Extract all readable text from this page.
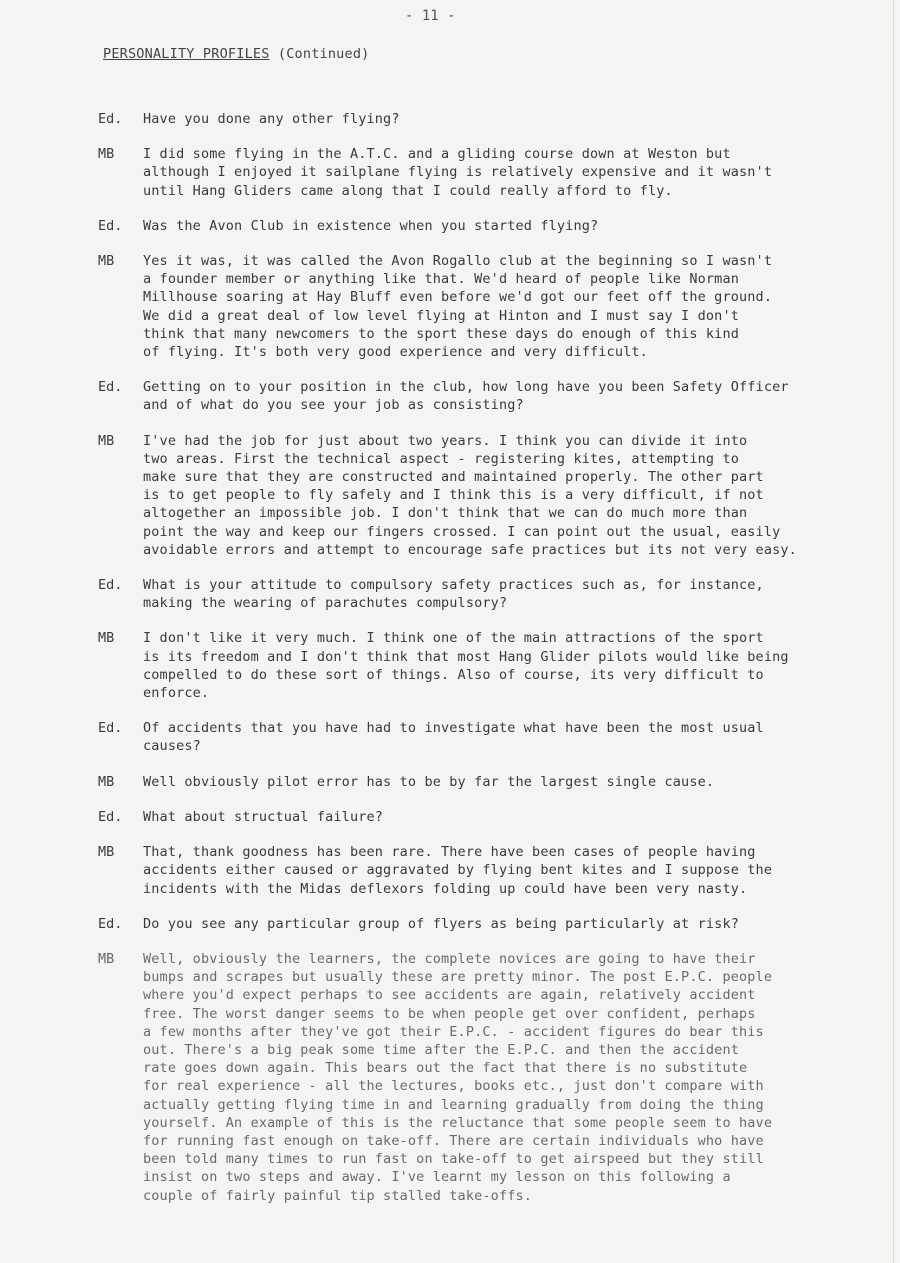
- 11 -
PERSONALITY PROFILES (Continued)
Ed.	Have you done any other flying?
MB	I did some flying in the A.T.C. and a gliding course down at Weston but
although I enjoyed it sailplane flying is relatively expensive and it wasn't
until Hang Gliders came along that I could really afford to fly.
Ed.	Was the Avon Club in existence when you started flying?
MB	Yes it was, it was called the Avon Rogallo club at the beginning so I wasn't
a founder member or anything like that. We'd heard of people like Norman
Millhouse soaring at Hay Bluff even before we'd got our feet off the ground.
We did a great deal of low level flying at Hinton and I must say I don't
think that many newcomers to the sport these days do enough of this kind
of flying. It's both very good experience and very difficult.
Ed.	Getting on to your position in the club, how long have you been Safety Officer
and of what do you see your job as consisting?
MB	I've had the job for just about two years. I think you can divide it into
two areas. First the technical aspect - registering kites, attempting to
make sure that they are constructed and maintained properly. The other part
is to get people to fly safely and I think this is a very difficult, if not
altogether an impossible job. I don't think that we can do much more than
point the way and keep our fingers crossed. I can point out the usual, easily
avoidable errors and attempt to encourage safe practices but its not very easy.
Ed.	What is your attitude to compulsory safety practices such as, for instance,
making the wearing of parachutes compulsory?
MB	I don't like it very much. I think one of the main attractions of the sport
is its freedom and I don't think that most Hang Glider pilots would like being
compelled to do these sort of things. Also of course, its very difficult to
enforce.
Ed.	Of accidents that you have had to investigate what have been the most usual
causes?
MB	Well obviously pilot error has to be by far the largest single cause.
Ed.	What about structual failure?
MB	That, thank goodness has been rare. There have been cases of people having
accidents either caused or aggravated by flying bent kites and I suppose the
incidents with the Midas deflexors folding up could have been very nasty.
Ed.	Do you see any particular group of flyers as being particularly at risk?
MB	Well, obviously the learners, the complete novices are going to have their
bumps and scrapes but usually these are pretty minor. The post E.P.C. people
where you'd expect perhaps to see accidents are again, relatively accident
free. The worst danger seems to be when people get over confident, perhaps
a few months after they've got their E.P.C. - accident figures do bear this
out. There's a big peak some time after the E.P.C. and then the accident
rate goes down again. This bears out the fact that there is no substitute
for real experience - all the lectures, books etc., just don't compare with
actually getting flying time in and learning gradually from doing the thing
yourself. An example of this is the reluctance that some people seem to have
for running fast enough on take-off. There are certain individuals who have
been told many times to run fast on take-off to get airspeed but they still
insist on two steps and away. I've learnt my lesson on this following a
couple of fairly painful tip stalled take-offs.
